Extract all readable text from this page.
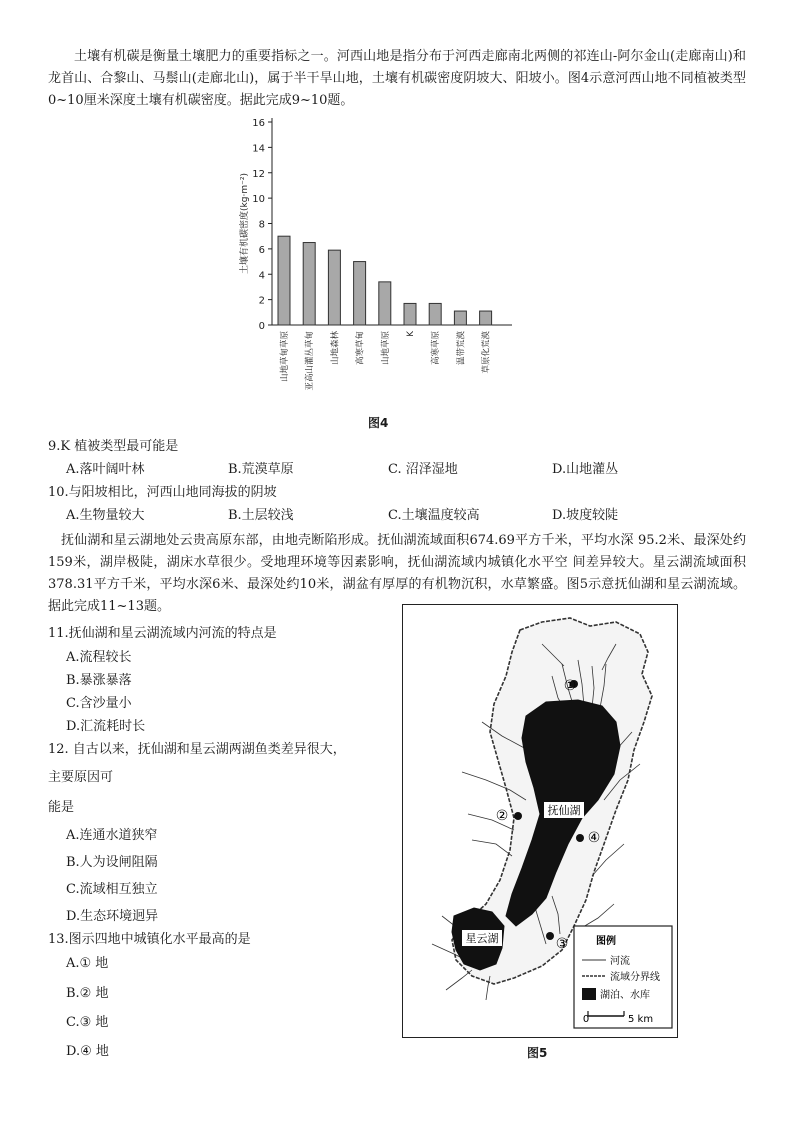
土壤有机碳是衡量土壤肥力的重要指标之一。河西山地是指分布于河西走廊南北两侧的祁连山-阿尔金山(走廊南山)和龙首山、合黎山、马鬃山(走廊北山)，属于半干旱山地，土壤有机碳密度阴坡大、阳坡小。图4示意河西山地不同植被类型0~10厘米深度土壤有机碳密度。据此完成9~10题。

0
2
4
6
8
10
12
14
16
土壤有机碳密度(kg·m⁻²)
山地草甸草原 亚高山灌丛草甸 山地森林 高寒草甸 山地草原 K 高寒草原 温带荒漠 草原化荒漠
图4
9.K 植被类型最可能是
A.落叶阔叶林	B.荒漠草原	C. 沼泽湿地	D.山地灌丛
10.与阳坡相比，河西山地同海拔的阴坡
A.生物量较大	B.土层较浅	C.土壤温度较高	D.坡度较陡

抚仙湖和星云湖地处云贵高原东部，由地壳断陷形成。抚仙湖流域面积674.69平方千米，平均水深 95.2米、最深处约159米，湖岸极陡，湖床水草很少。受地理环境等因素影响，抚仙湖流域内城镇化水平空 间差异较大。星云湖流域面积378.31平方千米，平均水深6米、最深处约10米，湖盆有厚厚的有机物沉积，水草繁盛。图5示意抚仙湖和星云湖流域。据此完成11~13题。

11.抚仙湖和星云湖流域内河流的特点是
A.流程较长
B.暴涨暴落
C.含沙量小
D.汇流耗时长
12. 自古以来，抚仙湖和星云湖两湖鱼类差异很大，
主要原因可
能是
A.连通水道狭窄
B.人为设闸阻隔
C.流域相互独立
D.生态环境迥异
13.图示四地中城镇化水平最高的是
A.① 地
B.② 地
C.③ 地
D.④ 地
抚仙湖
星云湖
①
②
③
④
图例
河流
流域分界线
湖泊、水库
0	5 km
图5
